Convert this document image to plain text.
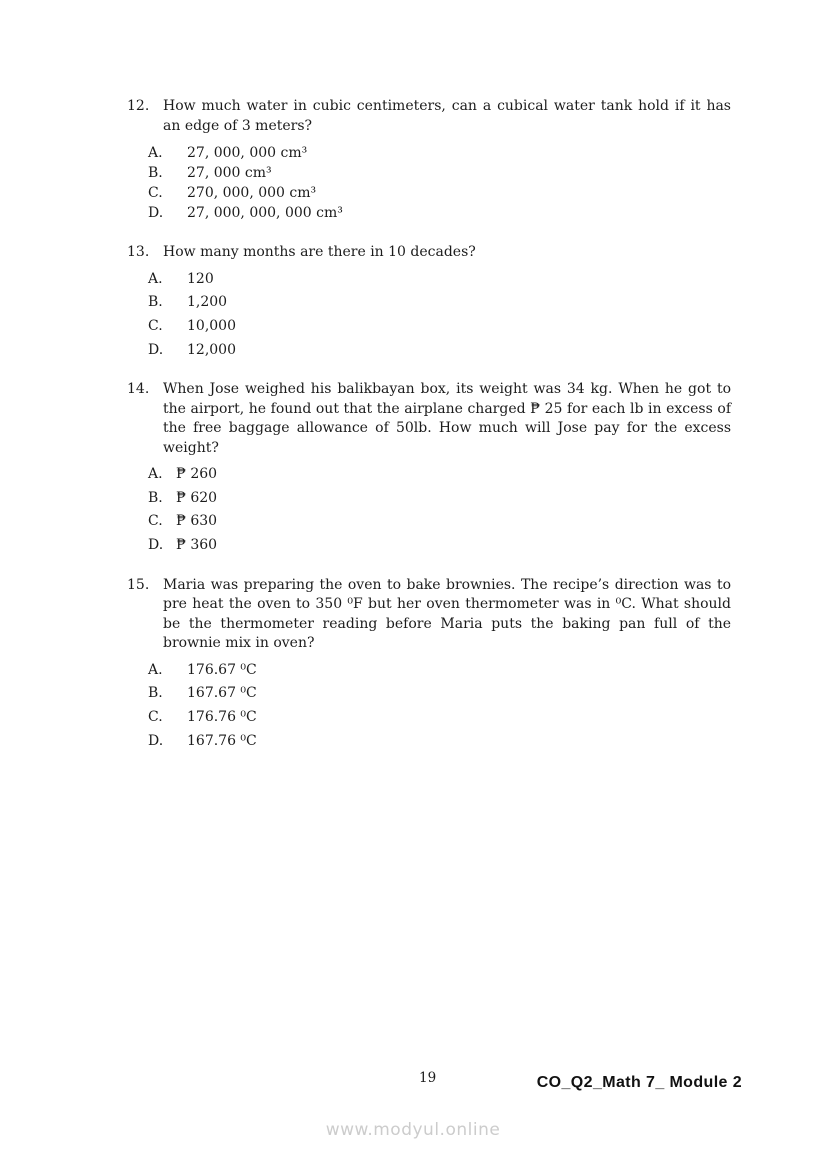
12. How much water in cubic centimeters, can a cubical water tank hold if it has an edge of 3 meters?
A.	27, 000, 000 cm³
B.	27, 000 cm³
C.	270, 000, 000 cm³
D.	27, 000, 000, 000 cm³
13. How many months are there in 10 decades?
A.	120
B.	1,200
C.	10,000
D.	12,000
14. When Jose weighed his balikbayan box, its weight was 34 kg. When he got to the airport, he found out that the airplane charged ₱ 25 for each lb in excess of the free baggage allowance of 50lb. How much will Jose pay for the excess weight?
A. ₱ 260
B. ₱ 620
C. ₱ 630
D. ₱ 360
15. Maria was preparing the oven to bake brownies. The recipe’s direction was to pre heat the oven to 350 ⁰F but her oven thermometer was in ⁰C. What should be the thermometer reading before Maria puts the baking pan full of the brownie mix in oven?
A.	176.67 ⁰C
B.	167.67 ⁰C
C.	176.76 ⁰C
D.	167.76 ⁰C
19	CO_Q2_Math 7_ Module 2
www.modyul.online
